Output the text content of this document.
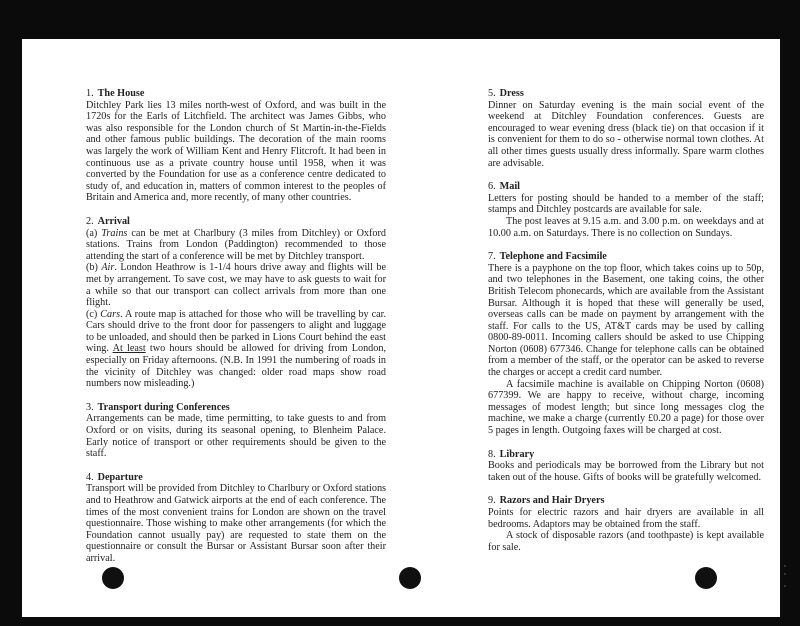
1. The House

Ditchley Park lies 13 miles north-west of Oxford, and was built in the 1720s for the Earls of Litchfield. The architect was James Gibbs, who was also responsible for the London church of St Martin-in-the-Fields and other famous public buildings. The decoration of the main rooms was largely the work of William Kent and Henry Flitcroft. It had been in continuous use as a private country house until 1958, when it was converted by the Foundation for use as a conference centre dedicated to study of, and education in, matters of common interest to the peoples of Britain and America and, more recently, of many other countries.

2. Arrival

(a) Trains can be met at Charlbury (3 miles from Ditchley) or Oxford stations. Trains from London (Paddington) recommended to those attending the start of a conference will be met by Ditchley transport.

(b) Air. London Heathrow is 1-1/4 hours drive away and flights will be met by arrangement. To save cost, we may have to ask guests to wait for a while so that our transport can collect arrivals from more than one flight.

(c) Cars. A route map is attached for those who will be travelling by car. Cars should drive to the front door for passengers to alight and luggage to be unloaded, and should then be parked in Lions Court behind the east wing. At least two hours should be allowed for driving from London, especially on Friday afternoons. (N.B. In 1991 the numbering of roads in the vicinity of Ditchley was changed: older road maps show road numbers now misleading.)

3. Transport during Conferences

Arrangements can be made, time permitting, to take guests to and from Oxford or on visits, during its seasonal opening, to Blenheim Palace. Early notice of transport or other requirements should be given to the staff.

4. Departure

Transport will be provided from Ditchley to Charlbury or Oxford stations and to Heathrow and Gatwick airports at the end of each conference. The times of the most convenient trains for London are shown on the travel questionnaire. Those wishing to make other arrangements (for which the Foundation cannot usually pay) are requested to state them on the questionnaire or consult the Bursar or Assistant Bursar soon after their arrival.

5. Dress

Dinner on Saturday evening is the main social event of the weekend at Ditchley Foundation conferences. Guests are encouraged to wear evening dress (black tie) on that occasion if it is convenient for them to do so - otherwise normal town clothes. At all other times guests usually dress informally. Spare warm clothes are advisable.

6. Mail

Letters for posting should be handed to a member of the staff; stamps and Ditchley postcards are available for sale.

The post leaves at 9.15 a.m. and 3.00 p.m. on weekdays and at 10.00 a.m. on Saturdays. There is no collection on Sundays.

7. Telephone and Facsimile

There is a payphone on the top floor, which takes coins up to 50p, and two telephones in the Basement, one taking coins, the other British Telecom phonecards, which are available from the Assistant Bursar. Although it is hoped that these will generally be used, overseas calls can be made on payment by arrangement with the staff. For calls to the US, AT&T cards may be used by calling 0800-89-0011. Incoming callers should be asked to use Chipping Norton (0608) 677346. Change for telephone calls can be obtained from a member of the staff, or the operator can be asked to reverse the charges or accept a credit card number.

A facsimile machine is available on Chipping Norton (0608) 677399. We are happy to receive, without charge, incoming messages of modest length; but since long messages clog the machine, we make a charge (currently £0.20 a page) for those over 5 pages in length. Outgoing faxes will be charged at cost.

8. Library

Books and periodicals may be borrowed from the Library but not taken out of the house. Gifts of books will be gratefully welcomed.

9. Razors and Hair Dryers

Points for electric razors and hair dryers are available in all bedrooms. Adaptors may be obtained from the staff.

A stock of disposable razors (and toothpaste) is kept available for sale.
